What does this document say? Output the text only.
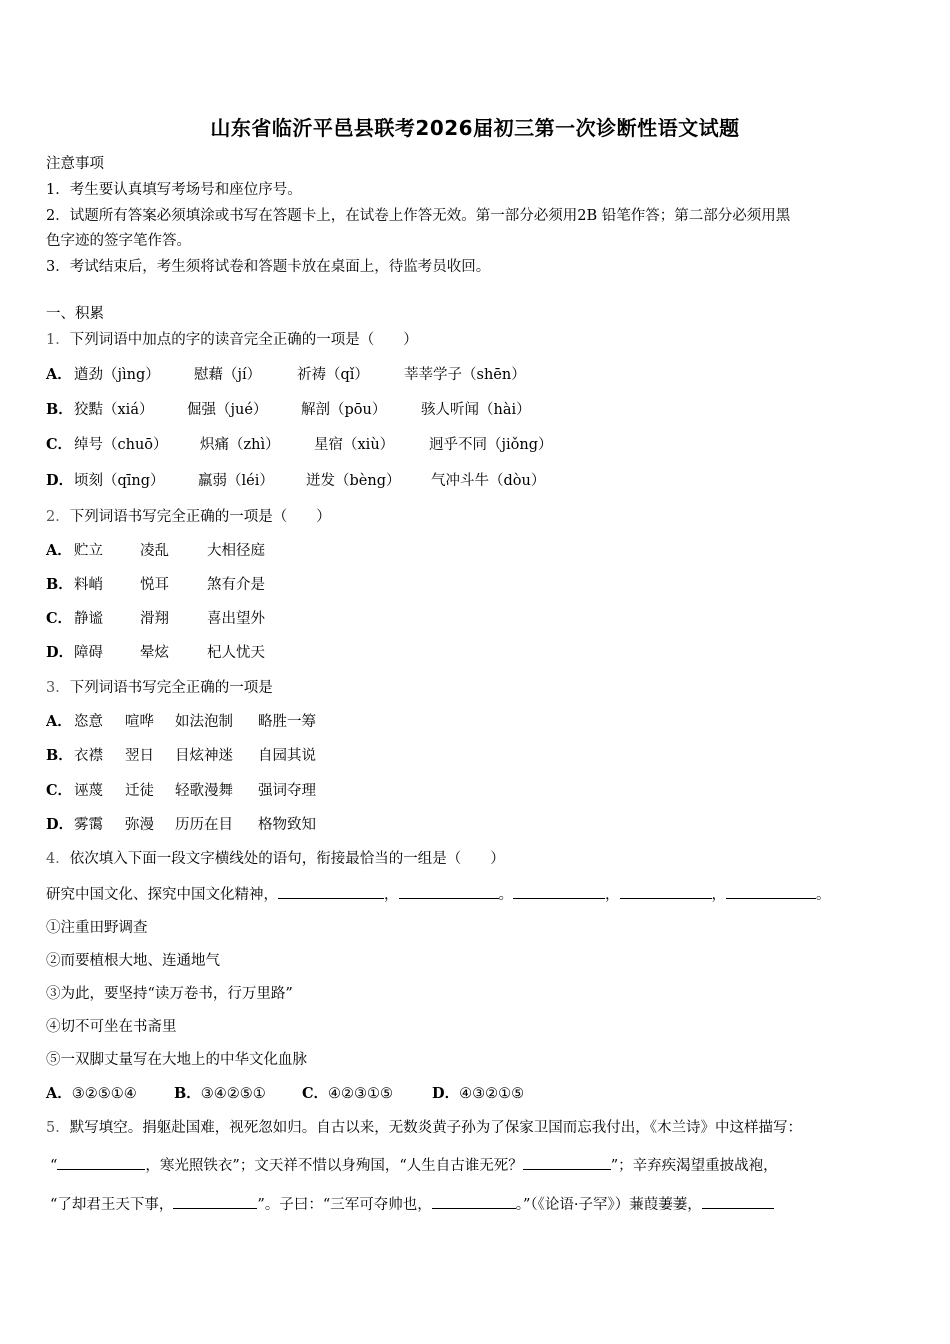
山东省临沂平邑县联考2026届初三第一次诊断性语文试题
注意事项
1．考生要认真填写考场号和座位序号。
2．试题所有答案必须填涂或书写在答题卡上，在试卷上作答无效。第一部分必须用2B 铅笔作答；第二部分必须用黑
色字迹的签字笔作答。
3．考试结束后，考生须将试卷和答题卡放在桌面上，待监考员收回。
一、积累
1．下列词语中加点的字的读音完全正确的一项是（　　）
A． 遒劲（jìng） 慰藉（jí） 祈祷（qǐ） 莘莘学子（shēn）
B．狡黠（xiá） 倔强（jué） 解剖（pōu） 骇人听闻（hài）
C． 绰号（chuō） 炽痛（zhì） 星宿（xiù） 迥乎不同（jiǒng）
D．顷刻（qīng） 羸弱（léi） 迸发（bèng） 气冲斗牛（dòu）
2．下列词语书写完全正确的一项是（　　）
A． 贮立	凌乱	大相径庭
B．料峭	悦耳	煞有介是
C． 静谧	滑翔	喜出望外
D．障碍	晕炫	杞人忧天
3．下列词语书写完全正确的一项是
A． 恣意 喧哗 如法泡制 略胜一筹
B．衣襟 翌日 目炫神迷 自园其说
C． 诬蔑 迁徒 轻歌漫舞 强词夺理
D．雾霭 弥漫 历历在目 格物致知
4．依次填入下面一段文字横线处的语句，衔接最恰当的一组是（　　）
研究中国文化、探究中国文化精神，	，	。	，	，	。
①注重田野调查
②而要植根大地、连通地气
③为此，要坚持“读万卷书，行万里路”
④切不可坐在书斋里
⑤一双脚丈量写在大地上的中华文化血脉
A．③②⑤①④	B．③④②⑤① C．④②③①⑤	D．④③②①⑤
5．默写填空。捐躯赴国难，视死忽如归。自古以来，无数炎黄子孙为了保家卫国而忘我付出，《木兰诗》中这样描写：
“	，寒光照铁衣”；文天祥不惜以身殉国，“人生自古谁无死？	”；辛弃疾渴望重披战袍，
“了却君王天下事，	”。子曰：“三军可夺帅也，	。”（《论语·子罕》）蒹葭萋萋，
